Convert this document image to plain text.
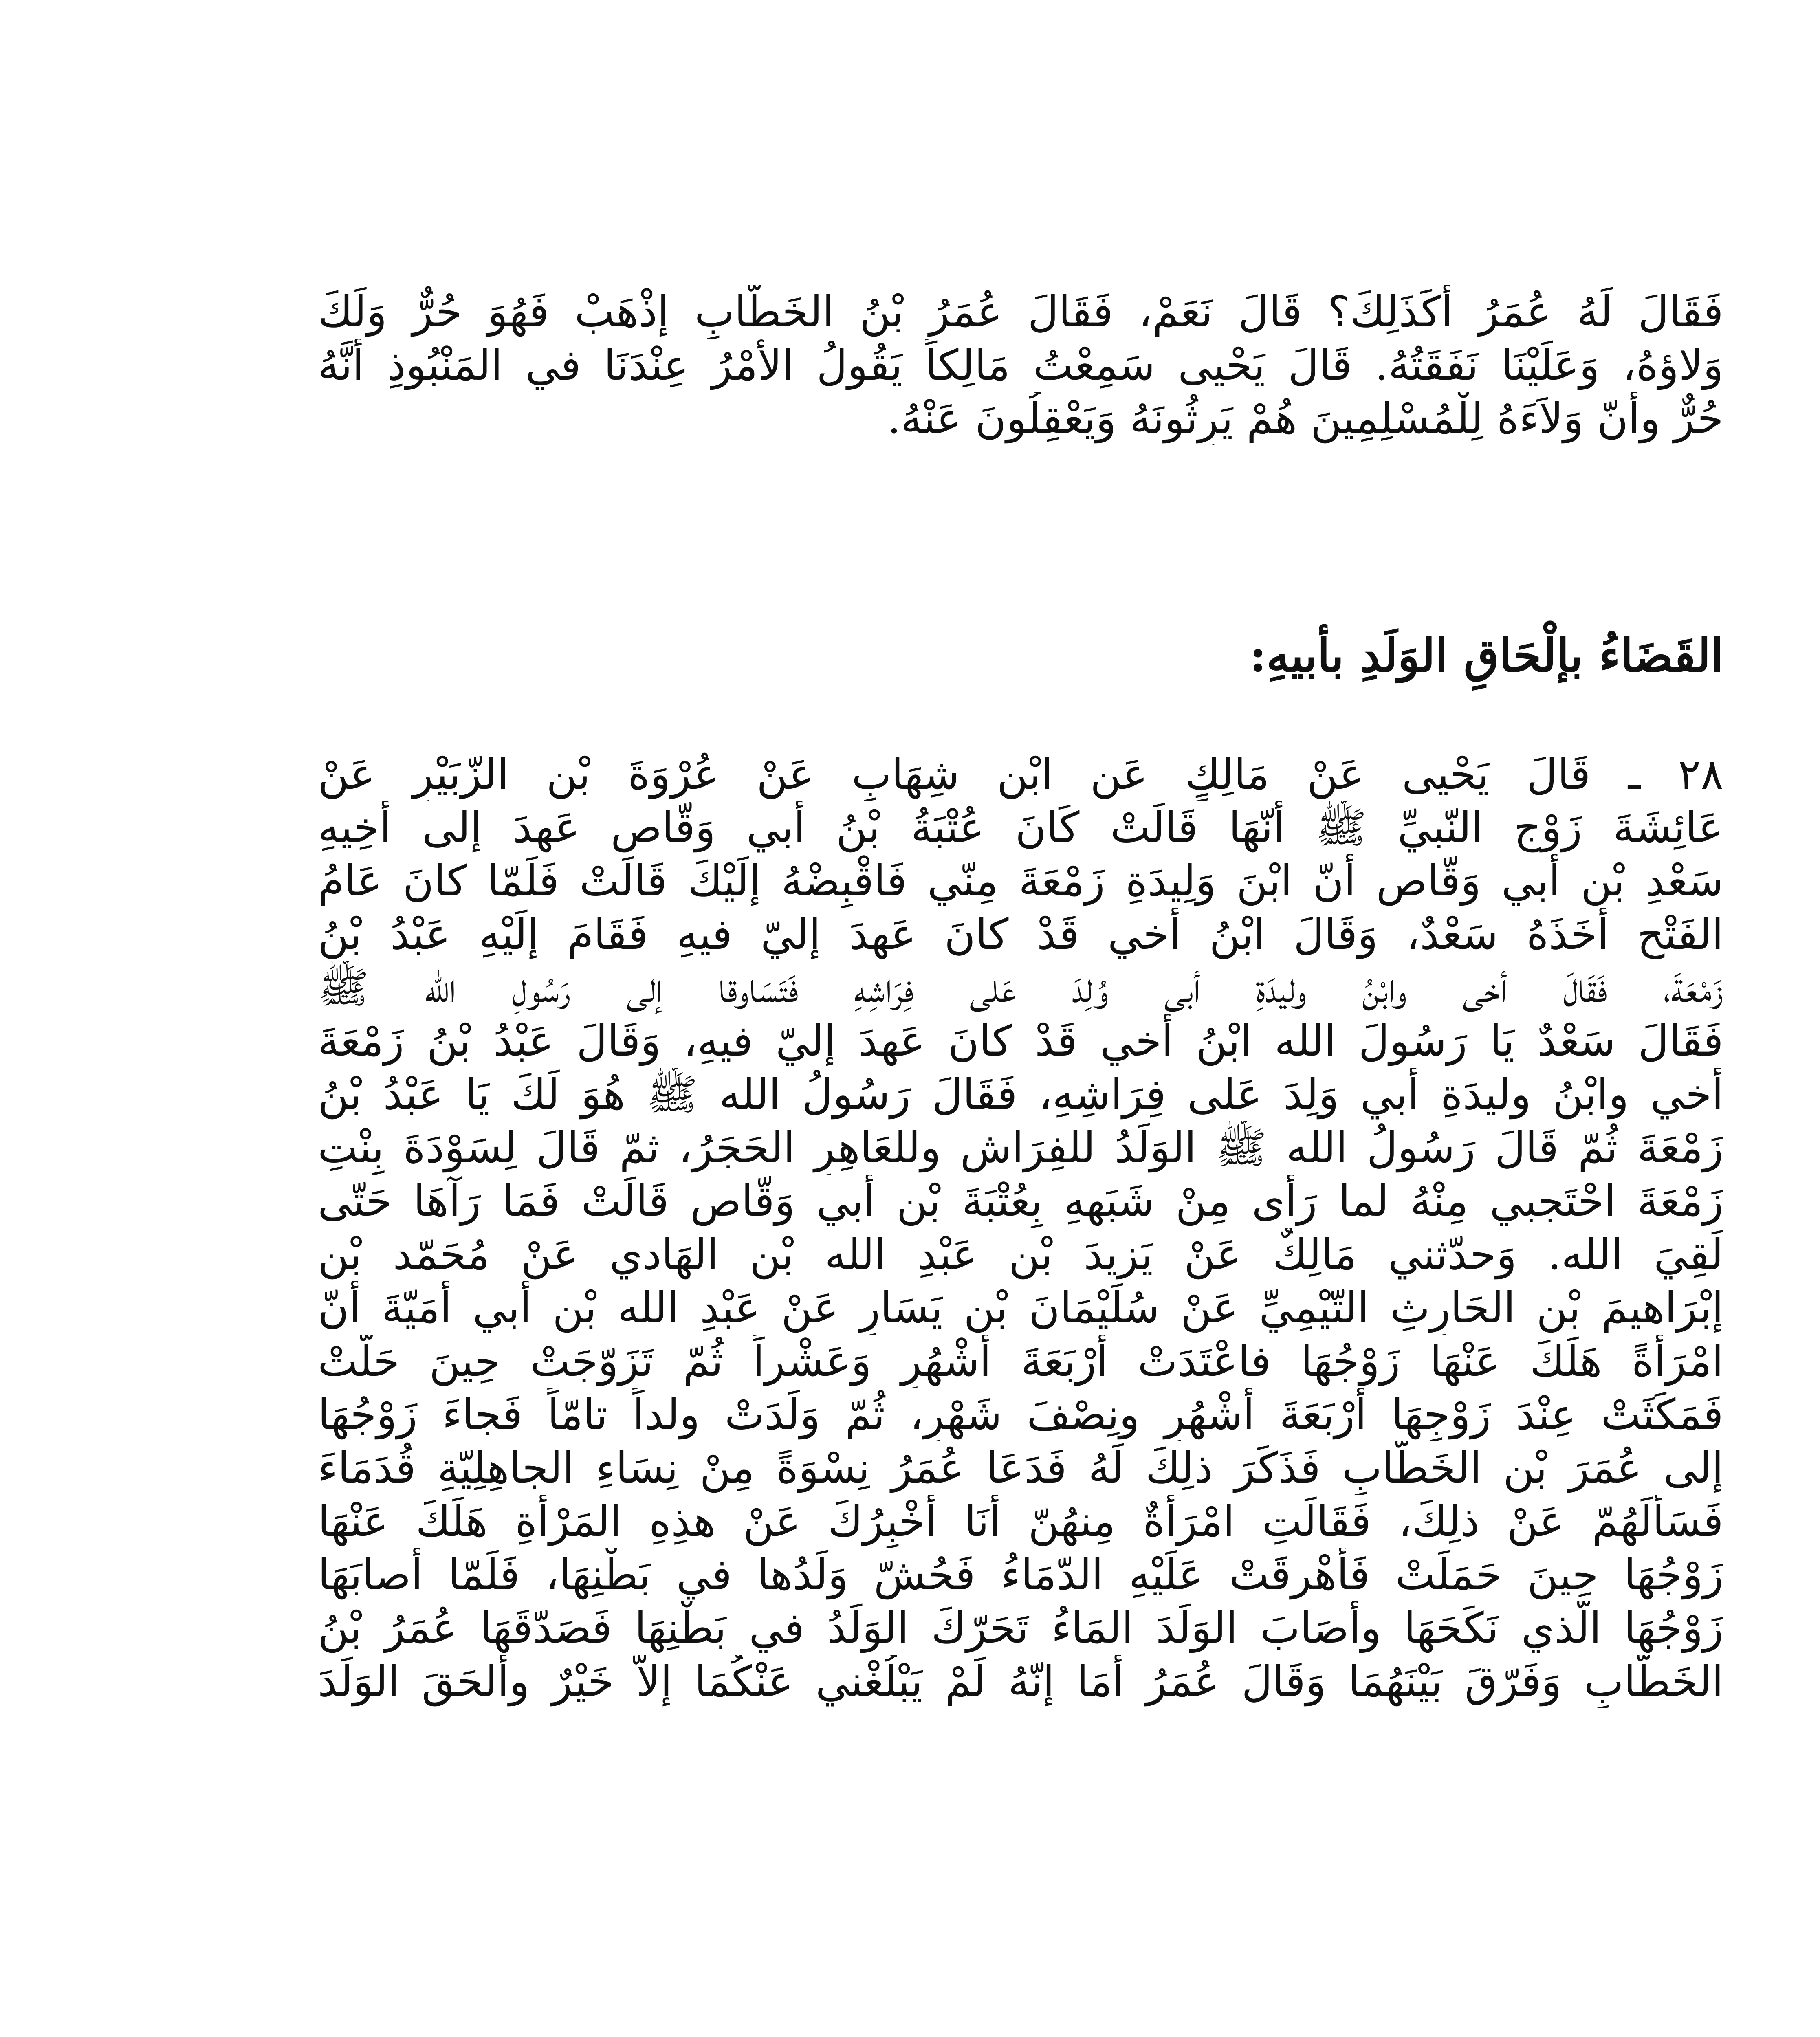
فَقَالَ لَهُ عُمَرُ أَكَذَلِكَ؟ قَالَ نَعَمْ، فَقَالَ عُمَرُ بْنُ الخَطّابِ إذْهَبْ فَهُوَ حُرٌّ وَلَكَ
وَلاؤهُ، وَعَلَيْنَا نَفَقَتُهُ. قَالَ يَحْيى سَمِعْتُ مَالِكاً يَقُولُ الأمْرُ عِنْدَنَا في المَنْبُوذِ أنَّهُ
حُرٌّ وأنّ وَلاَءَهُ لِلْمُسْلِمِينَ هُمْ يَرِثُونَهُ وَيَعْقِلُونَ عَنْهُ.
القَضَاءُ بإلْحَاقِ الوَلَدِ بأبيهِ:
٢٨ ـ قَالَ يَحْيى عَنْ مَالِكٍ عَنِ ابْنِ شِهَابٍ عَنْ عُرْوَةَ بْنِ الزّبَيْرِ عَنْ
عَائِشَةَ زَوْجِ النّبيِّ ﷺ أنّهَا قَالَتْ كَانَ عُتْبَةُ بْنُ أبي وَقّاصٍ عَهِدَ إلى أخِيهِ
سَعْدِ بْنِ أبي وَقّاصٍ أنّ ابْنَ وَلِيدَةِ زَمْعَةَ مِنّي فَاقْبِضْهُ إلَيْكَ قَالَتْ فَلَمّا كانَ عَامُ
الفَتْحِ أخَذَهُ سَعْدٌ، وَقَالَ ابْنُ أخي قَدْ كانَ عَهِدَ إليّ فيهِ فَقَامَ إلَيْهِ عَبْدُ بْنُ
زَمْعَةَ، فَقَالَ أخي وابْنُ وليدَةِ أبي وُلِدَ عَلى فِرَاشِهِ فَتَسَاوقا إلى رَسُولِ الله ﷺ
فَقَالَ سَعْدٌ يَا رَسُولَ الله ابْنُ أخي قَدْ كانَ عَهِدَ إليّ فيهِ، وَقَالَ عَبْدُ بْنُ زَمْعَةَ
أخي وابْنُ وليدَةِ أبي وَلِدَ عَلى فِرَاشِهِ، فَقَالَ رَسُولُ الله ﷺ هُوَ لَكَ يَا عَبْدُ بْنُ
زَمْعَةَ ثُمّ قَالَ رَسُولُ الله ﷺ الوَلَدُ للفِرَاشِ وللعَاهِرِ الحَجَرُ، ثمّ قَالَ لِسَوْدَةَ بِنْتِ
زَمْعَةَ احْتَجبي مِنْهُ لما رَأى مِنْ شَبَهِهِ بِعُتْبَةَ بْنِ أبي وَقّاصٍ قَالَتْ فَمَا رَآهَا حَتّى
لَقِيَ الله. وَحدّثني مَالِكٌ عَنْ يَزيدَ بْنِ عَبْدِ الله بْنِ الهَادي عَنْ مُحَمّد بْنِ
إبْرَاهيمَ بْنِ الحَارِثِ التّيْمِيِّ عَنْ سُلَيْمَانَ بْنِ يَسَارٍ عَنْ عَبْدِ الله بْنِ أبي أمَيّةَ أنّ
امْرَأةً هَلَكَ عَنْهَا زَوْجُهَا فاعْتَدَتْ أرْبَعَةَ أشْهُرٍ وَعَشْراً ثُمّ تَزَوّجَتْ حِينَ حَلّتْ
فَمَكَثَتْ عِنْدَ زَوْجِهَا أرْبَعَةَ أشْهُرٍ ونِصْفَ شَهْرٍ، ثُمّ وَلَدَتْ ولداً تامّاً فَجاءَ زَوْجُهَا
إلى عُمَرَ بْنِ الخَطّابِ فَذَكَرَ ذلِكَ لَهُ فَدَعَا عُمَرُ نِسْوَةً مِنْ نِسَاءِ الجاهِلِيّةِ قُدَمَاءَ
فَسَألَهُمّ عَنْ ذلِكَ، فَقَالَتِ امْرَأةٌ مِنهُنّ أنَا أخْبِرُكَ عَنْ هذِهِ المَرْأةِ هَلَكَ عَنْهَا
زَوْجُهَا حِينَ حَمَلَتْ فَأُهْرِقَتْ عَلَيْهِ الدّمَاءُ فَحُشّ وَلَدُها في بَطْنِهَا، فَلَمّا أصابَهَا
زَوْجُهَا الّذي نَكَحَهَا وأصَابَ الوَلَدَ المَاءُ تَحَرّكَ الوَلَدُ في بَطْنِهَا فَصَدّقَهَا عُمَرُ بْنُ
الخَطّابِ وَفَرّقَ بَيْنَهُمَا وَقَالَ عُمَرُ أمَا إنّهُ لَمْ يَبْلُغْني عَنْكُمَا إلاّ خَيْرٌ وألحَقَ الوَلَدَ
